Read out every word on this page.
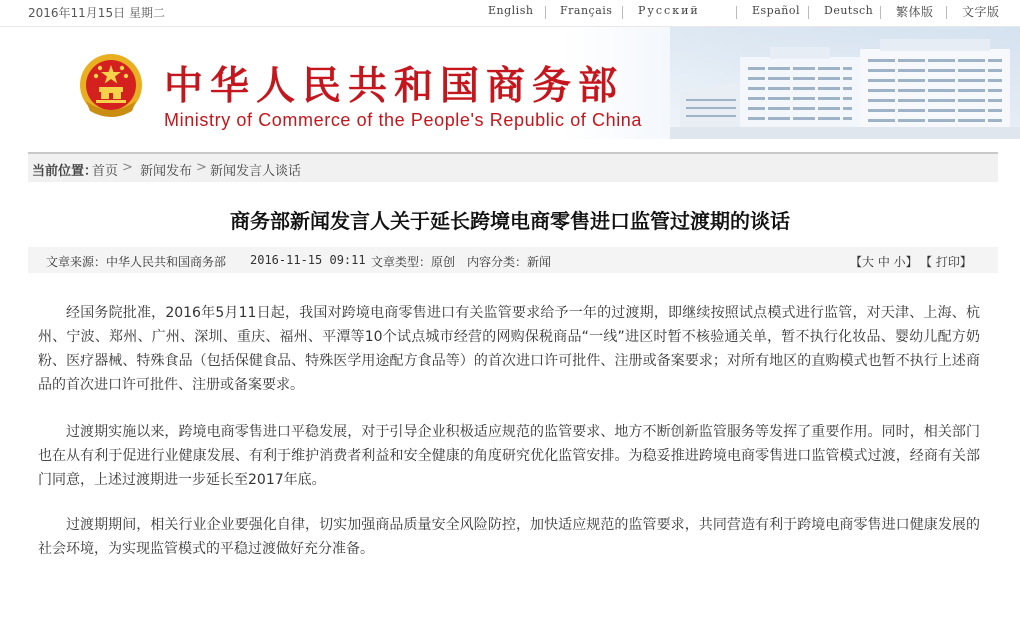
2016年11月15日 星期二	English Français Русский	Español Deutsch 繁体版 文字版
中华人民共和国商务部
Ministry of Commerce of the People's Republic of China
当前位置：
首页 > 新闻发布 > 新闻发言人谈话
商务部新闻发言人关于延长跨境电商零售进口监管过渡期的谈话
文章来源：中华人民共和国商务部 2016-11-15 09:11 文章类型：原创 内容分类：新闻	【大 中 小】 【 打印】
经国务院批准，2016年5月11日起，我国对跨境电商零售进口有关监管要求给予一年的过渡期，即继续按照试点模式进行监管，对天津、上海、杭州、宁波、郑州、广州、深圳、重庆、福州、平潭等10个试点城市经营的网购保税商品“一线”进区时暂不核验通关单，暂不执行化妆品、婴幼儿配方奶粉、医疗器械、特殊食品（包括保健食品、特殊医学用途配方食品等）的首次进口许可批件、注册或备案要求；对所有地区的直购模式也暂不执行上述商品的首次进口许可批件、注册或备案要求。
过渡期实施以来，跨境电商零售进口平稳发展，对于引导企业积极适应规范的监管要求、地方不断创新监管服务等发挥了重要作用。同时，相关部门也在从有利于促进行业健康发展、有利于维护消费者利益和安全健康的角度研究优化监管安排。为稳妥推进跨境电商零售进口监管模式过渡，经商有关部门同意，上述过渡期进一步延长至2017年底。
过渡期期间，相关行业企业要强化自律，切实加强商品质量安全风险防控，加快适应规范的监管要求，共同营造有利于跨境电商零售进口健康发展的社会环境，为实现监管模式的平稳过渡做好充分准备。
